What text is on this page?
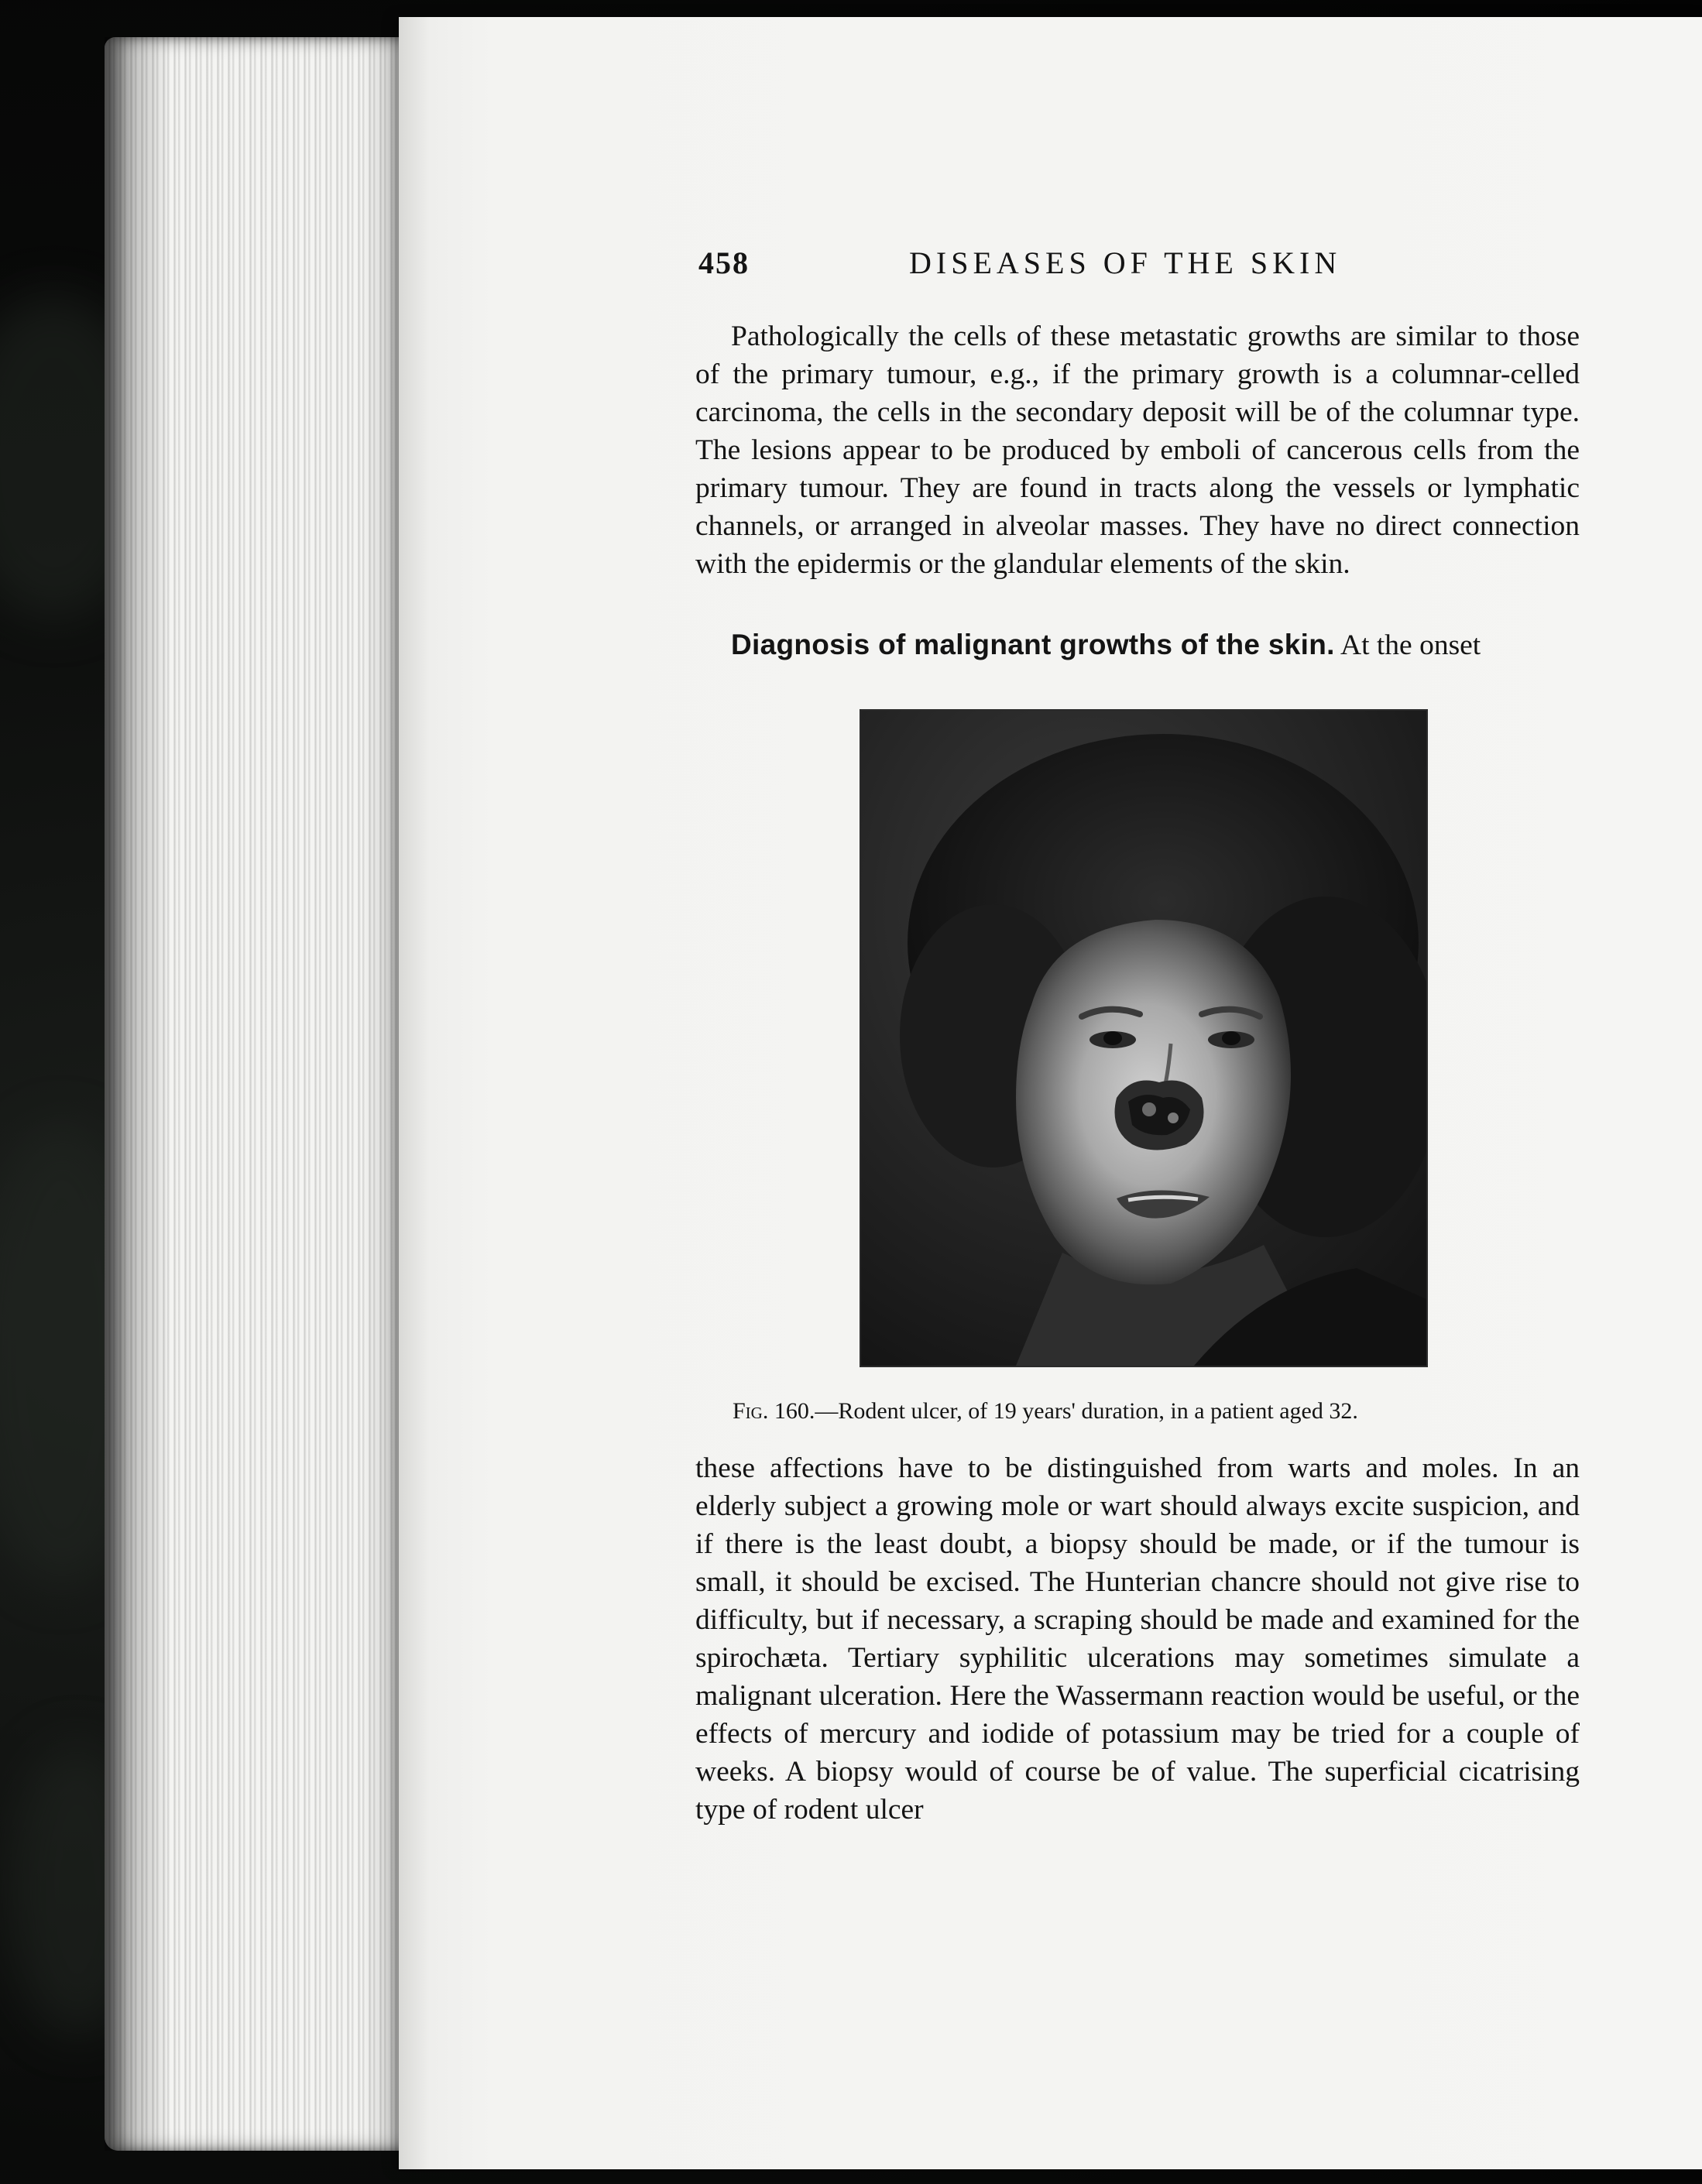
458	DISEASES OF THE SKIN

Pathologically the cells of these metastatic growths are similar to those of the primary tumour, e.g., if the primary growth is a columnar-celled carcinoma, the cells in the secondary deposit will be of the columnar type. The lesions appear to be produced by emboli of cancerous cells from the primary tumour. They are found in tracts along the vessels or lymphatic channels, or arranged in alveolar masses. They have no direct connection with the epidermis or the glandular elements of the skin.

Diagnosis of malignant growths of the skin. At the onset

Fig. 160.—Rodent ulcer, of 19 years' duration, in a patient aged 32.

these affections have to be distinguished from warts and moles. In an elderly subject a growing mole or wart should always excite suspicion, and if there is the least doubt, a biopsy should be made, or if the tumour is small, it should be excised. The Hunterian chancre should not give rise to difficulty, but if necessary, a scraping should be made and examined for the spirochæta. Tertiary syphilitic ulcerations may sometimes simulate a malignant ulceration. Here the Wassermann reaction would be useful, or the effects of mercury and iodide of potassium may be tried for a couple of weeks. A biopsy would of course be of value. The superficial cicatrising type of rodent ulcer
